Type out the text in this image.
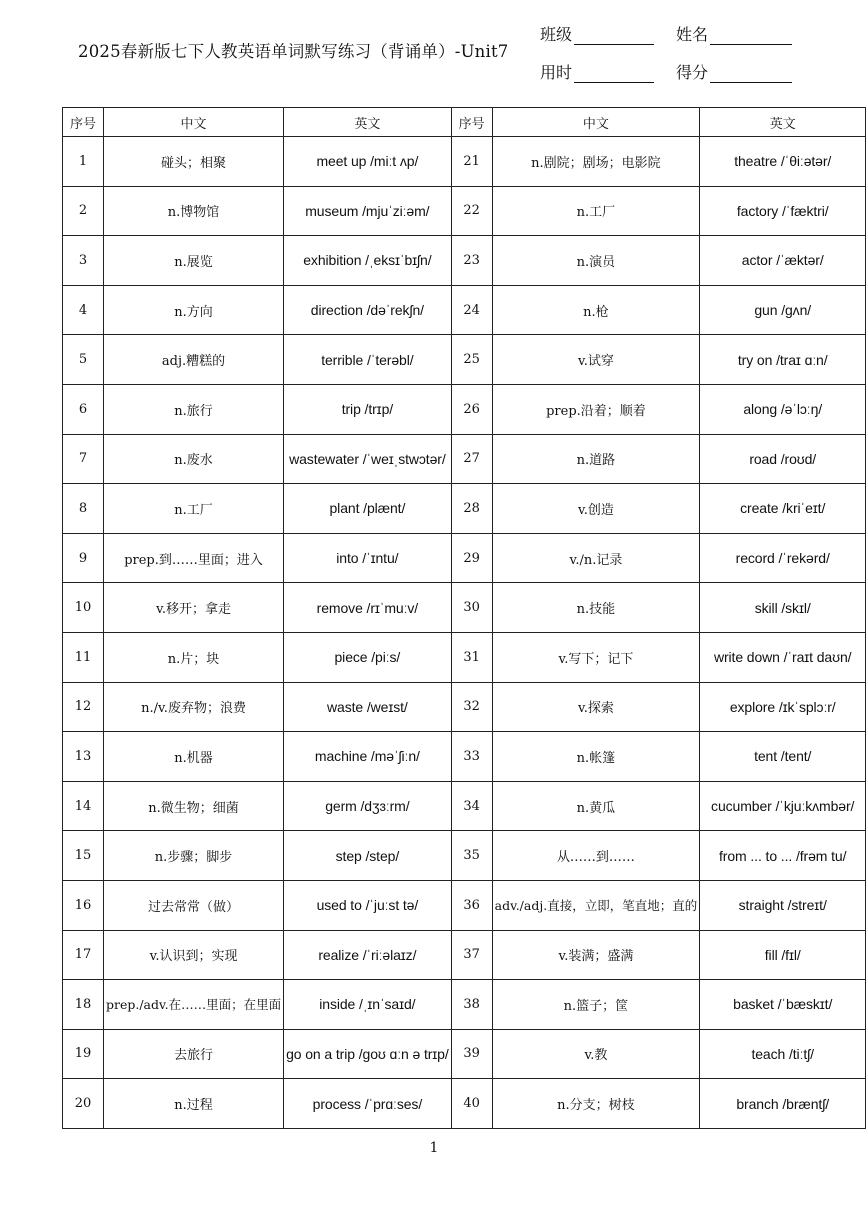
2025春新版七下人教英语单词默写练习（背诵单）-Unit7
班级	姓名
用时	得分
序号	中文	英文	序号	中文	英文
1	碰头；相聚	meet up /miːt ʌp/	21	n.剧院；剧场；电影院	theatre /ˈθiːətər/
2	n.博物馆	museum /mjuˈziːəm/	22	n.工厂	factory /ˈfæktri/
3	n.展览	exhibition /ˌeksɪˈbɪʃn/	23	n.演员	actor /ˈæktər/
4	n.方向	direction /dəˈrekʃn/	24	n.枪	gun /gʌn/
5	adj.糟糕的	terrible /ˈterəbl/	25	v.试穿	try on /traɪ ɑːn/
6	n.旅行	trip /trɪp/	26	prep.沿着；顺着	along /əˈlɔːŋ/
7	n.废水	wastewater /ˈweɪˌstwɔtər/	27	n.道路	road /roʊd/
8	n.工厂	plant /plænt/	28	v.创造	create /kriˈeɪt/
9	prep.到……里面；进入	into /ˈɪntu/	29	v./n.记录	record /ˈrekərd/
10	v.移开；拿走	remove /rɪˈmuːv/	30	n.技能	skill /skɪl/
11	n.片；块	piece /piːs/	31	v.写下；记下	write down /ˈraɪt daʊn/
12	n./v.废弃物；浪费	waste /weɪst/	32	v.探索	explore /ɪkˈsplɔːr/
13	n.机器	machine /məˈʃiːn/	33	n.帐篷	tent /tent/
14	n.微生物；细菌	germ /dʒɜːrm/	34	n.黄瓜	cucumber /ˈkjuːkʌmbər/
15	n.步骤；脚步	step /step/	35	从……到……	from ... to ... /frəm tu/
16	过去常常（做）	used to /ˈjuːst tə/	36	adv./adj.直接，立即，笔直地；直的	straight /streɪt/
17	v.认识到；实现	realize /ˈriːəlaɪz/	37	v.装满；盛满	fill /fɪl/
18	prep./adv.在……里面；在里面	inside /ˌɪnˈsaɪd/	38	n.篮子；筐	basket /ˈbæskɪt/
19	去旅行	go on a trip /goʊ ɑːn ə trɪp/	39	v.教	teach /tiːtʃ/
20	n.过程	process /ˈprɑːses/	40	n.分支；树枝	branch /bræntʃ/
1
